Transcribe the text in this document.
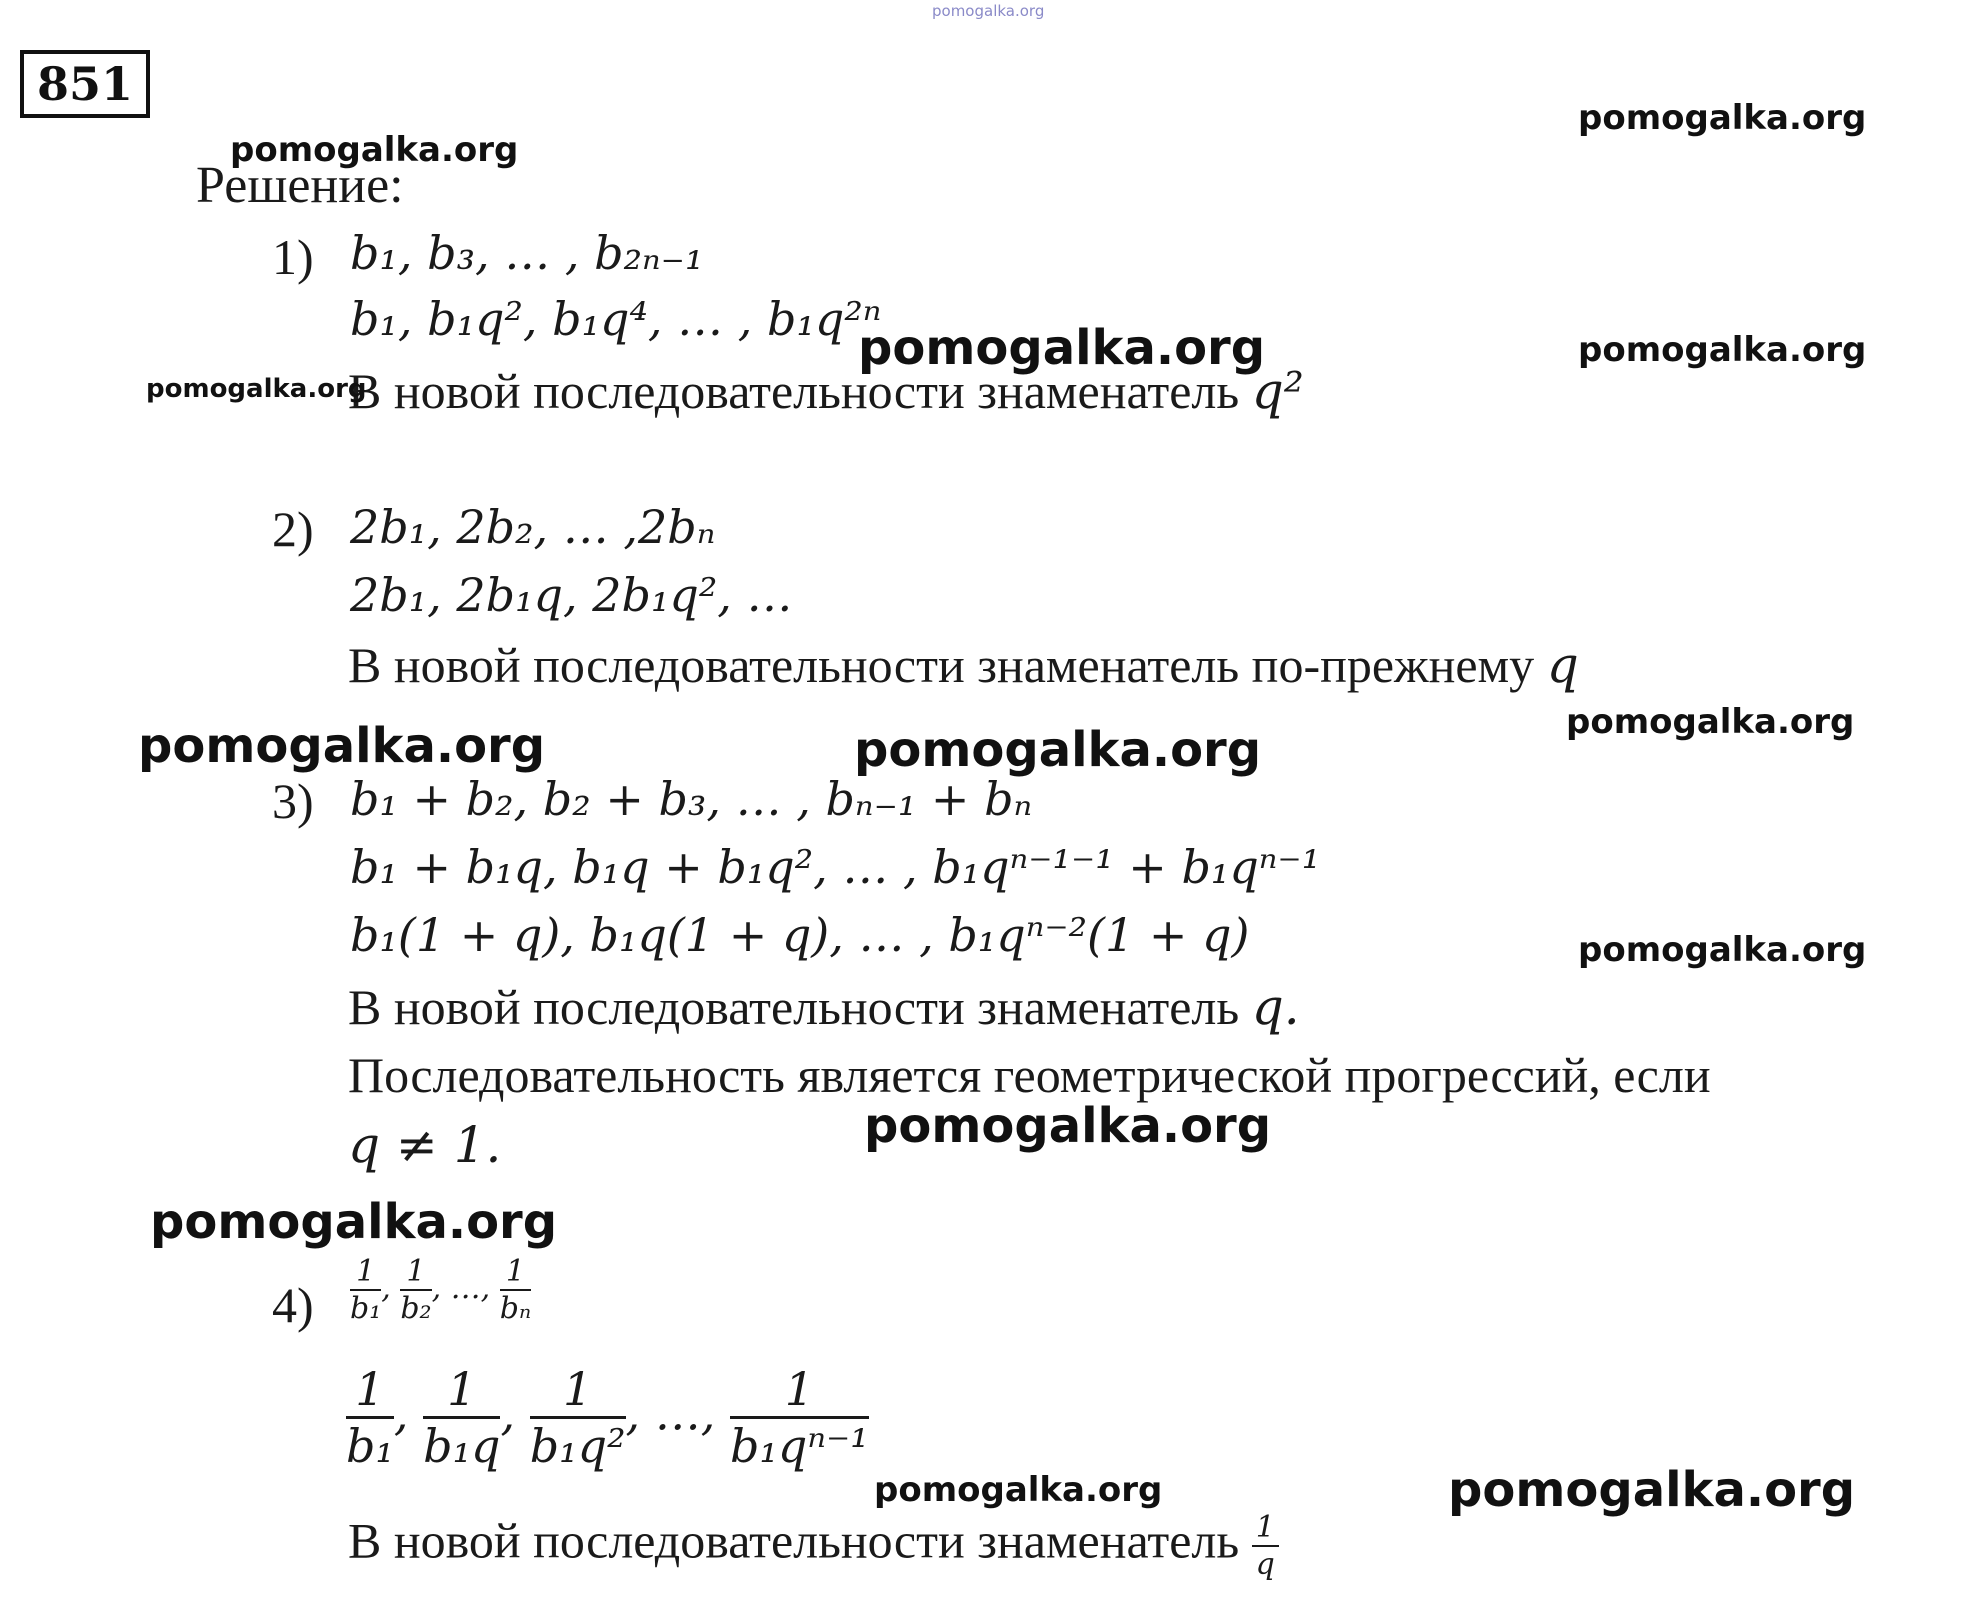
pomogalka.org
851
Решение:
1) b₁, b₃, … , b₂ₙ₋₁
b₁, b₁q², b₁q⁴, … , b₁q²ⁿ
В новой последовательности знаменатель q²
2) 2b₁, 2b₂, … ,2bₙ
2b₁, 2b₁q, 2b₁q², …
В новой последовательности знаменатель по-прежнему q
3) b₁ + b₂, b₂ + b₃, … , bₙ₋₁ + bₙ
b₁ + b₁q, b₁q + b₁q², … , b₁qⁿ⁻¹⁻¹ + b₁qⁿ⁻¹
b₁(1 + q), b₁q(1 + q), … , b₁qⁿ⁻²(1 + q)
В новой последовательности знаменатель q.
Последовательность является геометрической прогрессий, если
q ≠ 1.
$4) \frac{1}{\text{b₁}}$ , $\frac{1}{\text{b₂}}$ , …, $\frac{1}{\text{bₙ}}$
$\frac{1}{\text{b₁}}$ , $\frac{1}{\text{b₁q}}$ , $\frac{1}{\text{b₁q²}}$ , …, $\frac{1}{\text{b₁qⁿ⁻¹}}$
В новой последовательности знаменатель $\frac{1}{q}$
pomogalka.org
pomogalka.org
pomogalka.org	pomogalka.org
pomogalka.org
pomogalka.org
pomogalka.org	pomogalka.org
pomogalka.org
pomogalka.org
pomogalka.org
pomogalka.org	pomogalka.org
